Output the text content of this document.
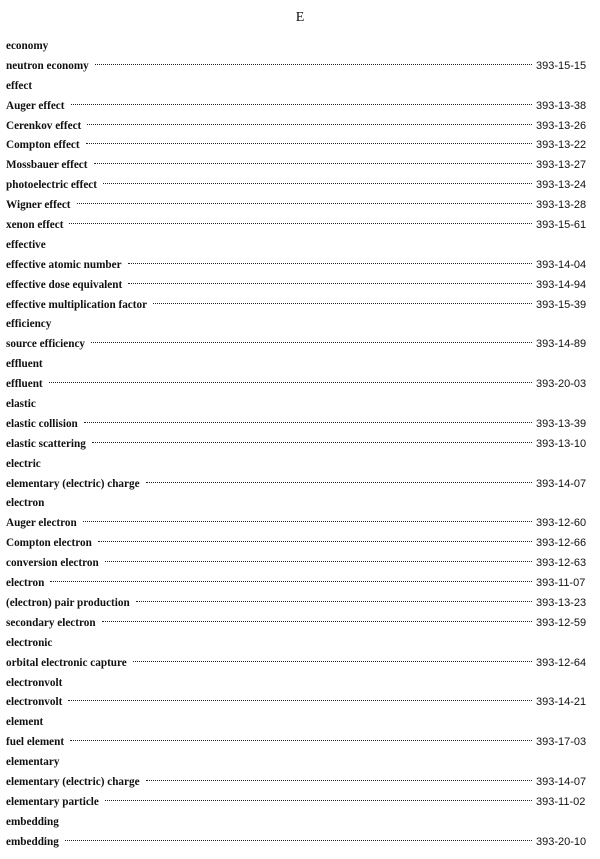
E
economy
neutron economy	393-15-15
effect
Auger effect	393-13-38
Cerenkov effect	393-13-26
Compton effect	393-13-22
Mossbauer effect	393-13-27
photoelectric effect	393-13-24
Wigner effect	393-13-28
xenon effect	393-15-61
effective
effective atomic number	393-14-04
effective dose equivalent	393-14-94
effective multiplication factor	393-15-39
efficiency
source efficiency	393-14-89
effluent
effluent	393-20-03
elastic
elastic collision	393-13-39
elastic scattering	393-13-10
electric
elementary (electric) charge	393-14-07
electron
Auger electron	393-12-60
Compton electron	393-12-66
conversion electron	393-12-63
electron	393-11-07
(electron) pair production	393-13-23
secondary electron	393-12-59
electronic
orbital electronic capture	393-12-64
electronvolt
electronvolt	393-14-21
element
fuel element	393-17-03
elementary
elementary (electric) charge	393-14-07
elementary particle	393-11-02
embedding
embedding	393-20-10
